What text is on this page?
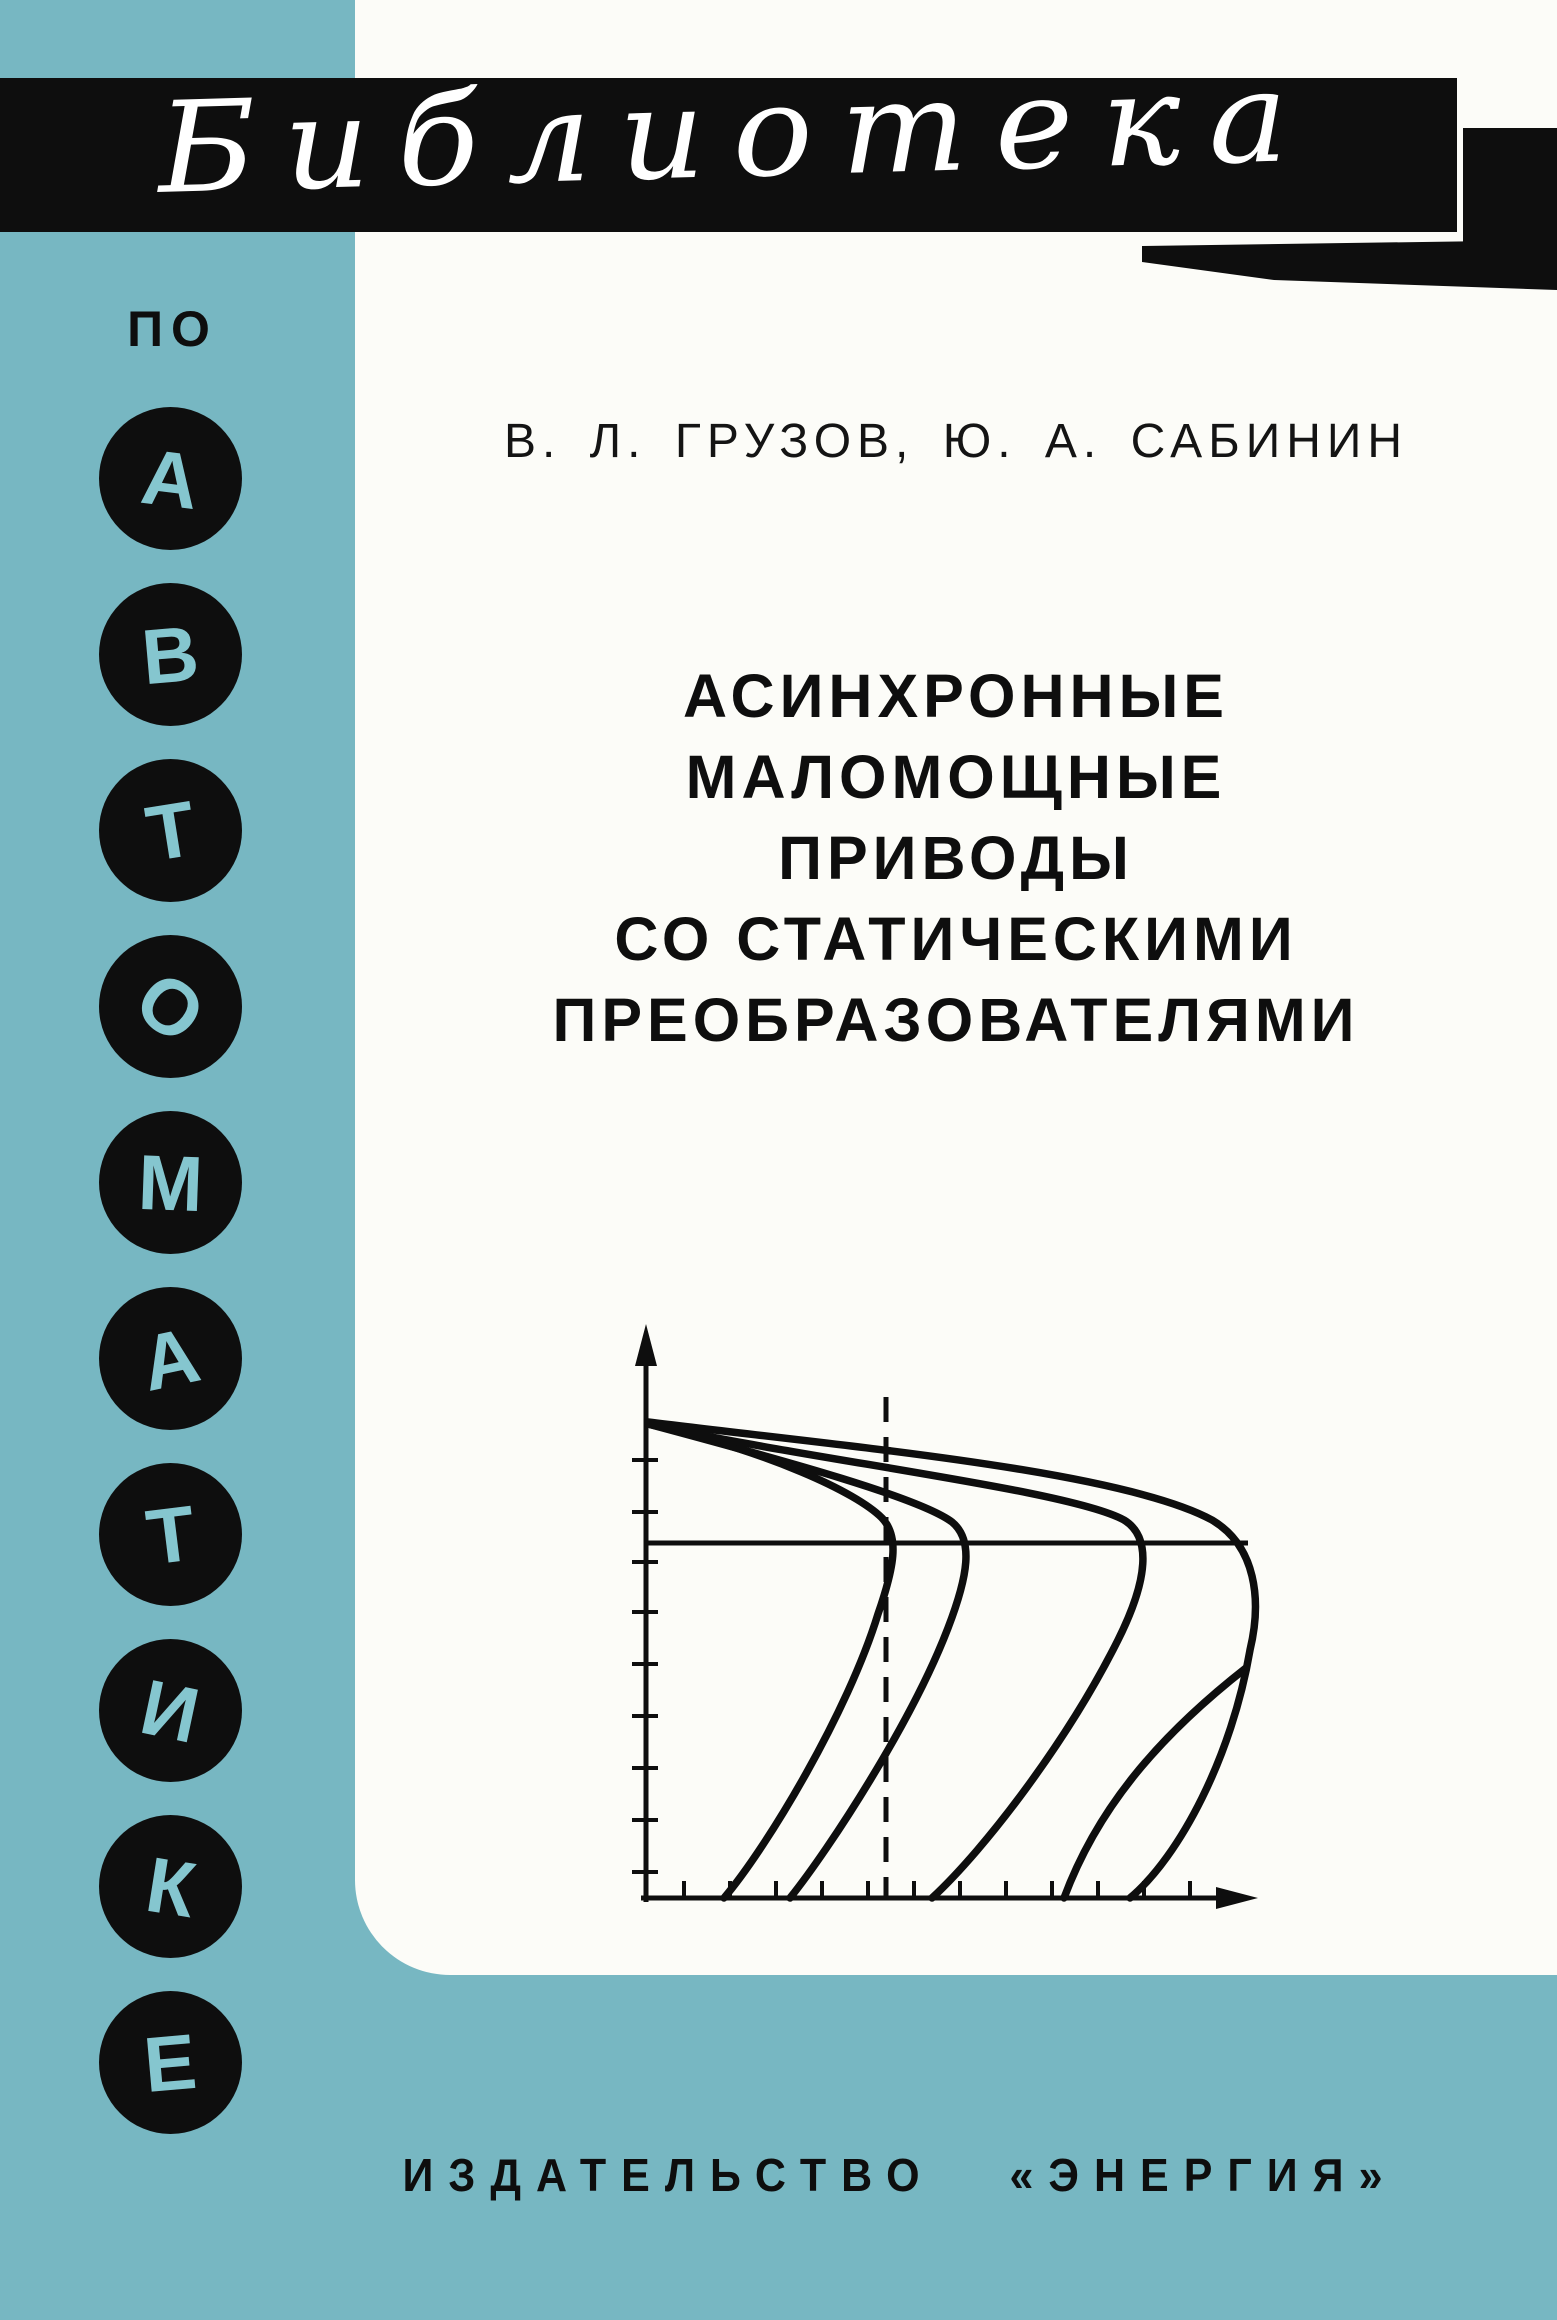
Библиотека
ПО
А
В
Т
О
М
А
Т
И
К
Е
В. Л. ГРУЗОВ, Ю. А. САБИНИН
АСИНХРОННЫЕ
МАЛОМОЩНЫЕ
ПРИВОДЫ
СО СТАТИЧЕСКИМИ
ПРЕОБРАЗОВАТЕЛЯМИ
ИЗДАТЕЛЬСТВО «ЭНЕРГИЯ»
